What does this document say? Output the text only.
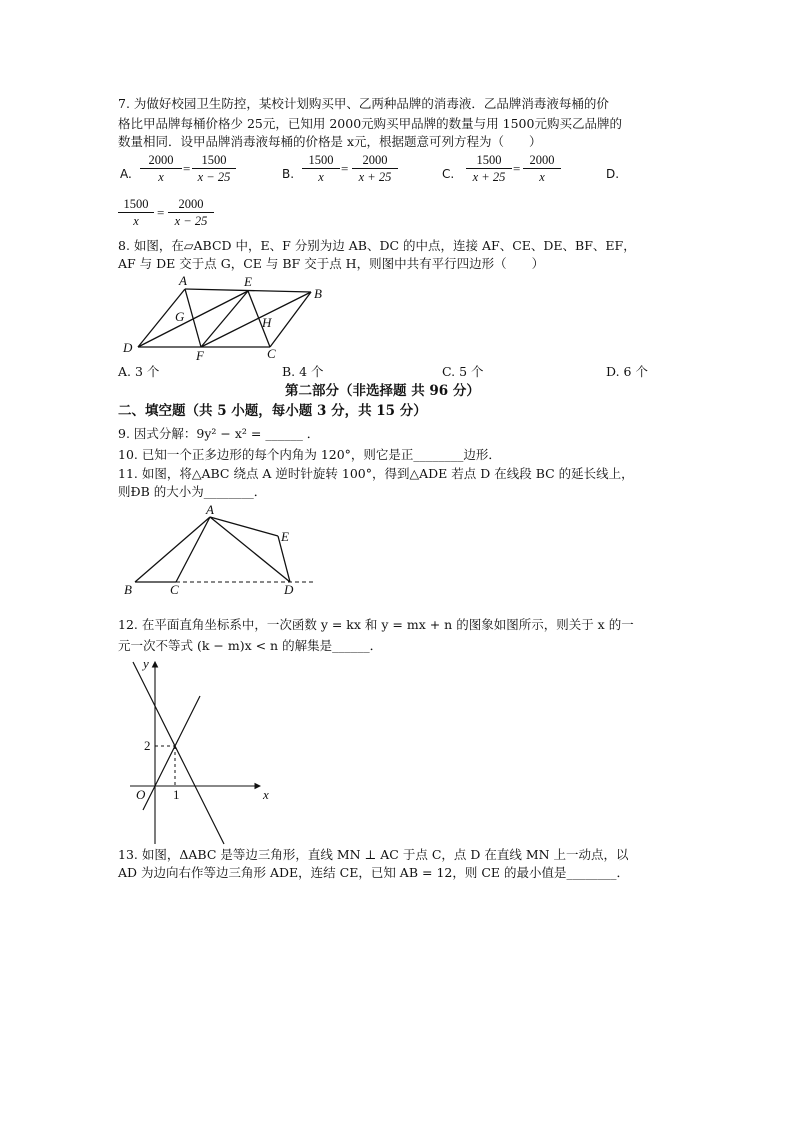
7. 为做好校园卫生防控，某校计划购买甲、乙两种品牌的消毒液．乙品牌消毒液每桶的价
格比甲品牌每桶价格少 25元，已知用 2000元购买甲品牌的数量与用 1500元购买乙品牌的
数量相同．设甲品牌消毒液每桶的价格是 x元，根据题意可列方程为（　　）
A. $\frac{2000}{x} = \frac{1500}{x - 25}$	B. $\frac{1500}{x} = \frac{2000}{x + 25}$	C. $\frac{1500}{x + 25} = \frac{2000}{x}$	D.
$\frac{1500}{x} = \frac{2000}{x - 25}$
8. 如图，在▱ABCD 中，E、F 分别为边 AB、DC 的中点，连接 AF、CE、DE、BF、EF，
AF 与 DE 交于点 G，CE 与 BF 交于点 H，则图中共有平行四边形（　　）
A	E
B
G	H
D
F	C
A. 3 个	B. 4 个	C. 5 个	D. 6 个
第二部分（非选择题 共 96 分）
二、填空题（共 5 小题，每小题 3 分，共 15 分）
9. 因式分解：9y² − x² = ______ ．
10. 已知一个正多边形的每个内角为 120°，则它是正________边形．
11. 如图，将△ABC 绕点 A 逆时针旋转 100°，得到△ADE 若点 D 在线段 BC 的延长线上，
则ÐB 的大小为________．
A
B	C	D
E
12. 在平面直角坐标系中，一次函数 y = kx 和 y = mx + n 的图象如图所示，则关于 x 的一
元一次不等式 (k − m)x < n 的解集是______．
x
y
O 1
2
13. 如图，ΔABC 是等边三角形，直线 MN ⊥ AC 于点 C，点 D 在直线 MN 上一动点，以
AD 为边向右作等边三角形 ADE，连结 CE，已知 AB = 12，则 CE 的最小值是________．
